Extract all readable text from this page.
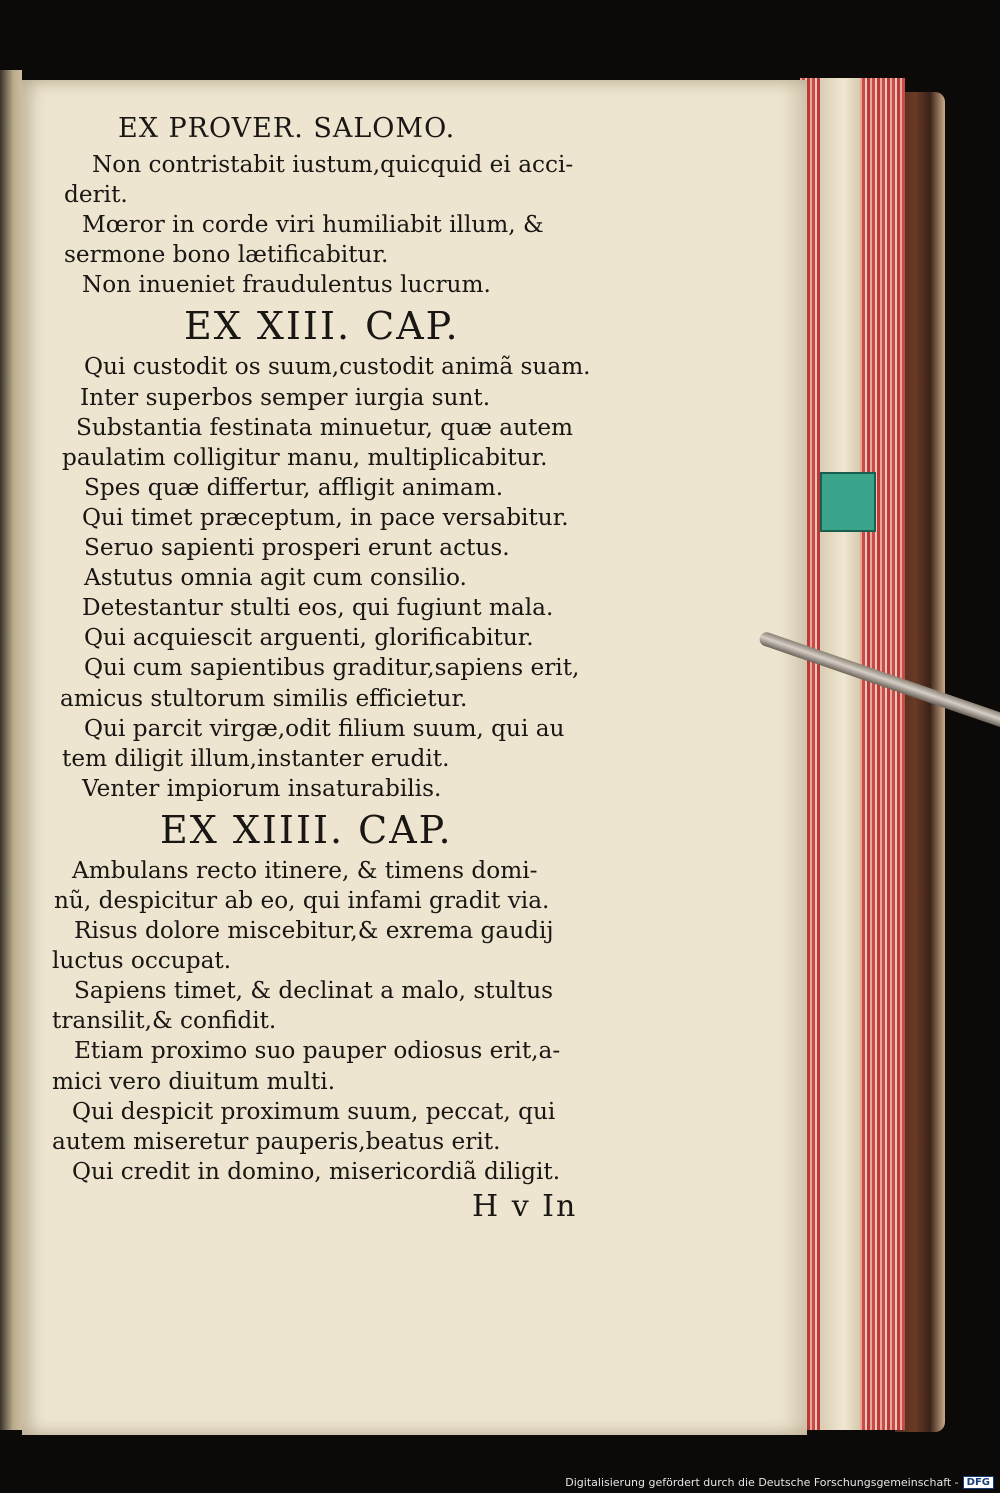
EX PROVER. SALOMO.
Non contristabit iustum,quicquid ei acci-
derit.
Mœror in corde viri humiliabit illum, &
sermone bono lætificabitur.
Non inueniet fraudulentus lucrum.
EX XIII. CAP.
Qui custodit os suum,custodit animã suam.
Inter superbos semper iurgia sunt.
Substantia festinata minuetur, quæ autem
paulatim colligitur manu, multiplicabitur.
Spes quæ differtur, affligit animam.
Qui timet præceptum, in pace versabitur.
Seruo sapienti prosperi erunt actus.
Astutus omnia agit cum consilio.
Detestantur stulti eos, qui fugiunt mala.
Qui acquiescit arguenti, glorificabitur.
Qui cum sapientibus graditur,sapiens erit,
amicus stultorum similis efficietur.
Qui parcit virgæ,odit filium suum, qui au
tem diligit illum,instanter erudit.
Venter impiorum insaturabilis.
EX XIIII. CAP.
Ambulans recto itinere, & timens domi-
nũ, despicitur ab eo, qui infami gradit via.
Risus dolore miscebitur,& exrema gaudij
luctus occupat.
Sapiens timet, & declinat a malo, stultus
transilit,& confidit.
Etiam proximo suo pauper odiosus erit,a-
mici vero diuitum multi.
Qui despicit proximum suum, peccat, qui
autem miseretur pauperis,beatus erit.
Qui credit in domino, misericordiã diligit.
H v In
Digitalisierung gefördert durch die Deutsche Forschungsgemeinschaft - DFG
